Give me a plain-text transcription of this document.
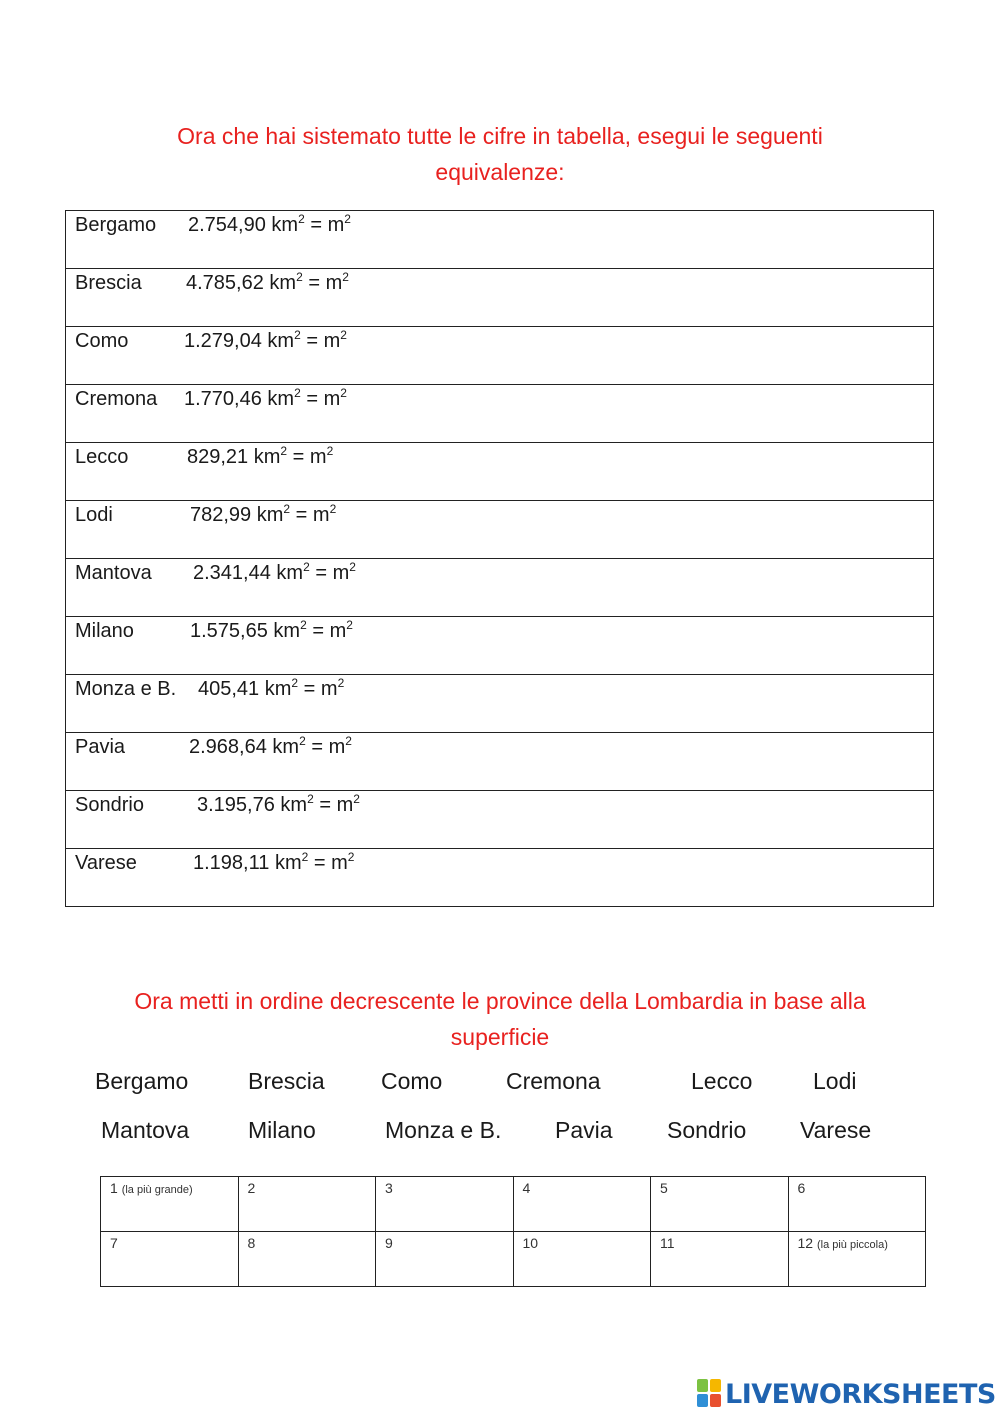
Ora che hai sistemato tutte le cifre in tabella, esegui le seguenti
equivalenze:
Bergamo 2.754,90 $km^2 = m^2$

Brescia 4.785,62 $km^2 = m^2$

Como	1.279,04 $km^2 = m^2$

Cremona 1.770,46 $km^2 = m^2$

Lecco	829,21 $km^2 = m^2$

Lodi	782,99 $km^2 = m^2$

Mantova 2.341,44 $km^2 = m^2$

Milano	1.575,65 $km^2 = m^2$

Monza e B. 405,41 $km^2 = m^2$

Pavia	2.968,64 $km^2 = m^2$

Sondrio	3.195,76 $km^2 = m^2$

Varese	1.198,11 $km^2 = m^2$
Ora metti in ordine decrescente le province della Lombardia in base alla
superficie
Bergamo	Brescia Como	Cremona	Lecco	Lodi
Mantova	Milano	Monza e B. Pavia Sondrio Varese
1 (la più grande)	2	3	4	5	6
7	8	9	10	11	12 (la più piccola)
LIVEWORKSHEETS
